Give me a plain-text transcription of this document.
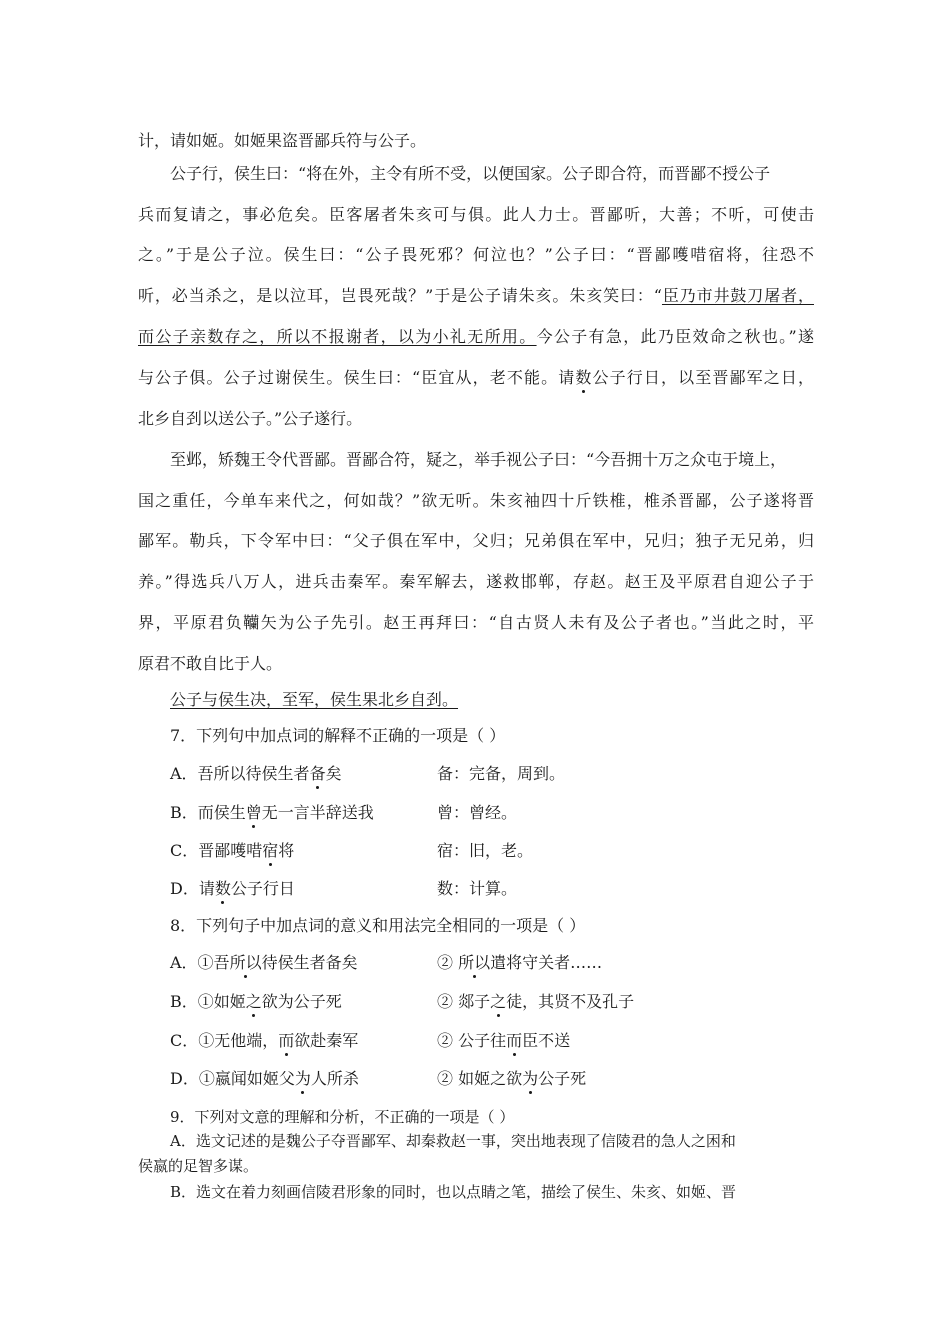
计，请如姬。如姬果盗晋鄙兵符与公子。
公子行，侯生曰：“将在外，主令有所不受，以便国家。公子即合符，而晋鄙不授公子
兵而复请之，事必危矣。臣客屠者朱亥可与俱。此人力士。晋鄙听，大善；不听，可使击
之。”于是公子泣。侯生曰：“公子畏死邪？何泣也？”公子曰：“晋鄙嚄唶宿将，往恐不
听，必当杀之，是以泣耳，岂畏死哉？”于是公子请朱亥。朱亥笑曰：“臣乃市井鼓刀屠者，
而公子亲数存之，所以不报谢者，以为小礼无所用。今公子有急，此乃臣效命之秋也。”遂
与公子俱。公子过谢侯生。侯生曰：“臣宜从，老不能。请数公子行日，以至晋鄙军之日，
北乡自刭以送公子。”公子遂行。
至邺，矫魏王令代晋鄙。晋鄙合符，疑之，举手视公子曰：“今吾拥十万之众屯于境上，
国之重任，今单车来代之，何如哉？”欲无听。朱亥袖四十斤铁椎，椎杀晋鄙，公子遂将晋
鄙军。勒兵，下令军中曰：“父子俱在军中，父归；兄弟俱在军中，兄归；独子无兄弟，归
养。”得选兵八万人，进兵击秦军。秦军解去，遂救邯郸，存赵。赵王及平原君自迎公子于
界，平原君负韊矢为公子先引。赵王再拜曰：“自古贤人未有及公子者也。”当此之时，平
原君不敢自比于人。
公子与侯生决，至军，侯生果北乡自刭。
7．下列句中加点词的解释不正确的一项是（ ）
A．吾所以待侯生者备矣	备：完备，周到。
B．而侯生曾无一言半辞送我	曾：曾经。
C．晋鄙嚄唶宿将	宿：旧，老。
D．请数公子行日	数：计算。
8．下列句子中加点词的意义和用法完全相同的一项是（ ）
A．①吾所以待侯生者备矣	② 所以遣将守关者……
B．①如姬之欲为公子死	② 郯子之徒，其贤不及孔子
C．①无他端，而欲赴秦军	② 公子往而臣不送
D．①嬴闻如姬父为人所杀	② 如姬之欲为公子死
9．下列对文意的理解和分析，不正确的一项是（ ）
A．选文记述的是魏公子夺晋鄙军、却秦救赵一事，突出地表现了信陵君的急人之困和
侯嬴的足智多谋。
B．选文在着力刻画信陵君形象的同时，也以点睛之笔，描绘了侯生、朱亥、如姬、晋
